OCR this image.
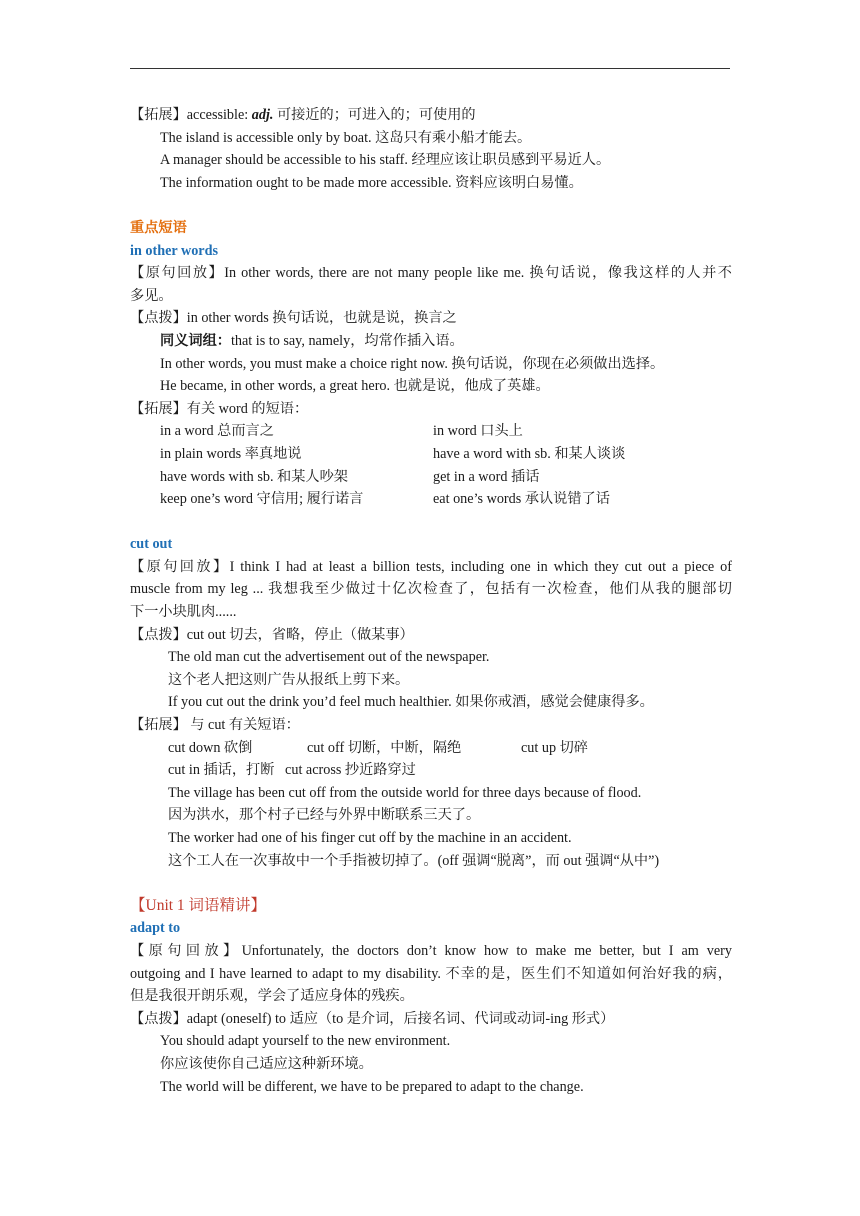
【拓展】accessible: adj. 可接近的；可进入的；可使用的
The island is accessible only by boat. 这岛只有乘小船才能去。
A manager should be accessible to his staff. 经理应该让职员感到平易近人。
The information ought to be made more accessible. 资料应该明白易懂。
重点短语
in other words
【原句回放】In other words, there are not many people like me. 换句话说，像我这样的人并不
多见。
【点拨】in other words 换句话说，也就是说，换言之
同义词组：that is to say, namely，均常作插入语。
In other words, you must make a choice right now. 换句话说，你现在必须做出选择。
He became, in other words, a great hero. 也就是说，他成了英雄。
【拓展】有关 word 的短语：
in a word 总而言之	in word 口头上
in plain words 率真地说	have a word with sb. 和某人谈谈
have words with sb. 和某人吵架	get in a word 插话
keep one’s word 守信用; 履行诺言	eat one’s words 承认说错了话
cut out
【原句回放】I think I had at least a billion tests, including one in which they cut out a piece of
muscle from my leg ... 我想我至少做过十亿次检查了，包括有一次检查，他们从我的腿部切
下一小块肌肉......
【点拨】cut out 切去，省略，停止（做某事）
The old man cut the advertisement out of the newspaper.
这个老人把这则广告从报纸上剪下来。
If you cut out the drink you’d feel much healthier. 如果你戒酒，感觉会健康得多。
【拓展】 与 cut 有关短语：
cut down 砍倒	cut off 切断，中断，隔绝	cut up 切碎
cut in 插话，打断 cut across 抄近路穿过
The village has been cut off from the outside world for three days because of flood.
因为洪水，那个村子已经与外界中断联系三天了。
The worker had one of his finger cut off by the machine in an accident.
这个工人在一次事故中一个手指被切掉了。(off 强调“脱离”，而 out 强调“从中”)
【Unit 1 词语精讲】
adapt to
【原句回放】Unfortunately, the doctors don’t know how to make me better, but I am very
outgoing and I have learned to adapt to my disability. 不幸的是，医生们不知道如何治好我的病，
但是我很开朗乐观，学会了适应身体的残疾。
【点拨】adapt (oneself) to 适应（to 是介词，后接名词、代词或动词-ing 形式）
You should adapt yourself to the new environment.
你应该使你自己适应这种新环境。
The world will be different, we have to be prepared to adapt to the change.
